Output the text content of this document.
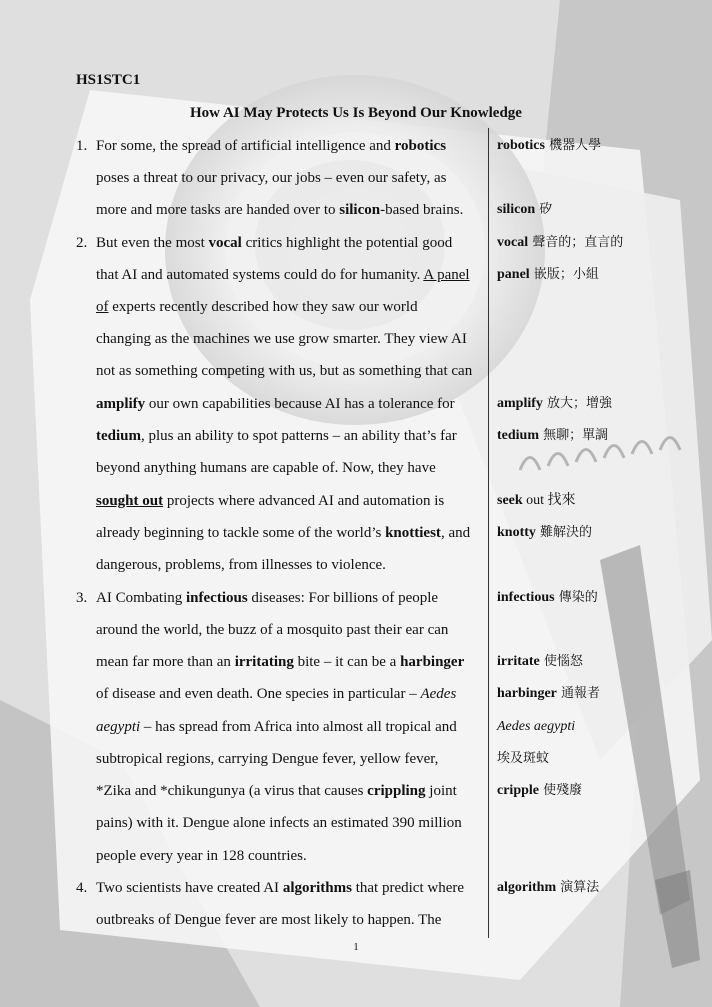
HS1STC1
How AI May Protects Us Is Beyond Our Knowledge
1.
2.
3.
4.
For some, the spread of artificial intelligence and robotics
poses a threat to our privacy, our jobs – even our safety, as
more and more tasks are handed over to silicon-based brains.
But even the most vocal critics highlight the potential good
that AI and automated systems could do for humanity. A panel
of experts recently described how they saw our world
changing as the machines we use grow smarter. They view AI
not as something competing with us, but as something that can
amplify our own capabilities because AI has a tolerance for
tedium, plus an ability to spot patterns – an ability that’s far
beyond anything humans are capable of. Now, they have
sought out projects where advanced AI and automation is
already beginning to tackle some of the world’s knottiest, and
dangerous, problems, from illnesses to violence.
AI Combating infectious diseases: For billions of people
around the world, the buzz of a mosquito past their ear can
mean far more than an irritating bite – it can be a harbinger
of disease and even death. One species in particular – Aedes
aegypti – has spread from Africa into almost all tropical and
subtropical regions, carrying Dengue fever, yellow fever,
*Zika and *chikungunya (a virus that causes crippling joint
pains) with it. Dengue alone infects an estimated 390 million
people every year in 128 countries.
Two scientists have created AI algorithms that predict where
outbreaks of Dengue fever are most likely to happen. The
robotics 機器人學
silicon 矽
vocal 聲音的；直言的
panel 嵌版；小組
amplify 放大；增強
tedium 無聊；單調
seek out 找來
knotty 難解決的
infectious 傳染的
irritate 使惱怒
harbinger 通報者
Aedes aegypti
埃及斑蚊
cripple 使殘廢
algorithm 演算法
1
